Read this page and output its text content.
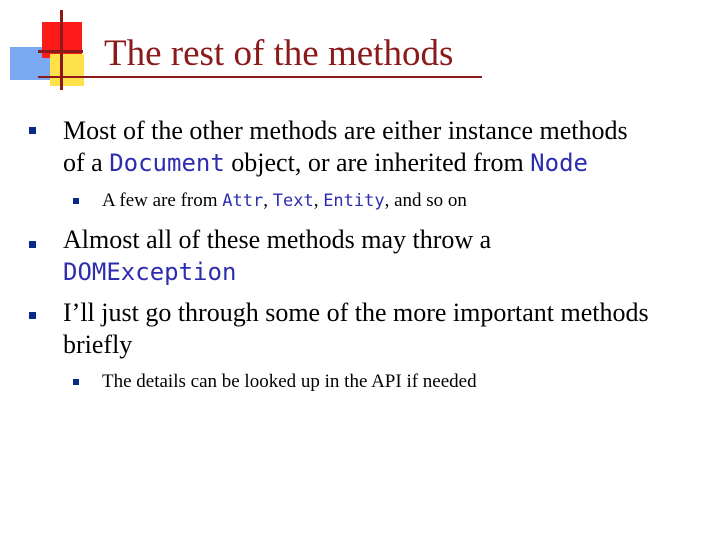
The rest of the methods
Most of the other methods are either instance methods
of a Document object, or are inherited from Node
A few are from Attr, Text, Entity, and so on
Almost all of these methods may throw a
DOMException
I’ll just go through some of the more important methods
briefly
The details can be looked up in the API if needed
